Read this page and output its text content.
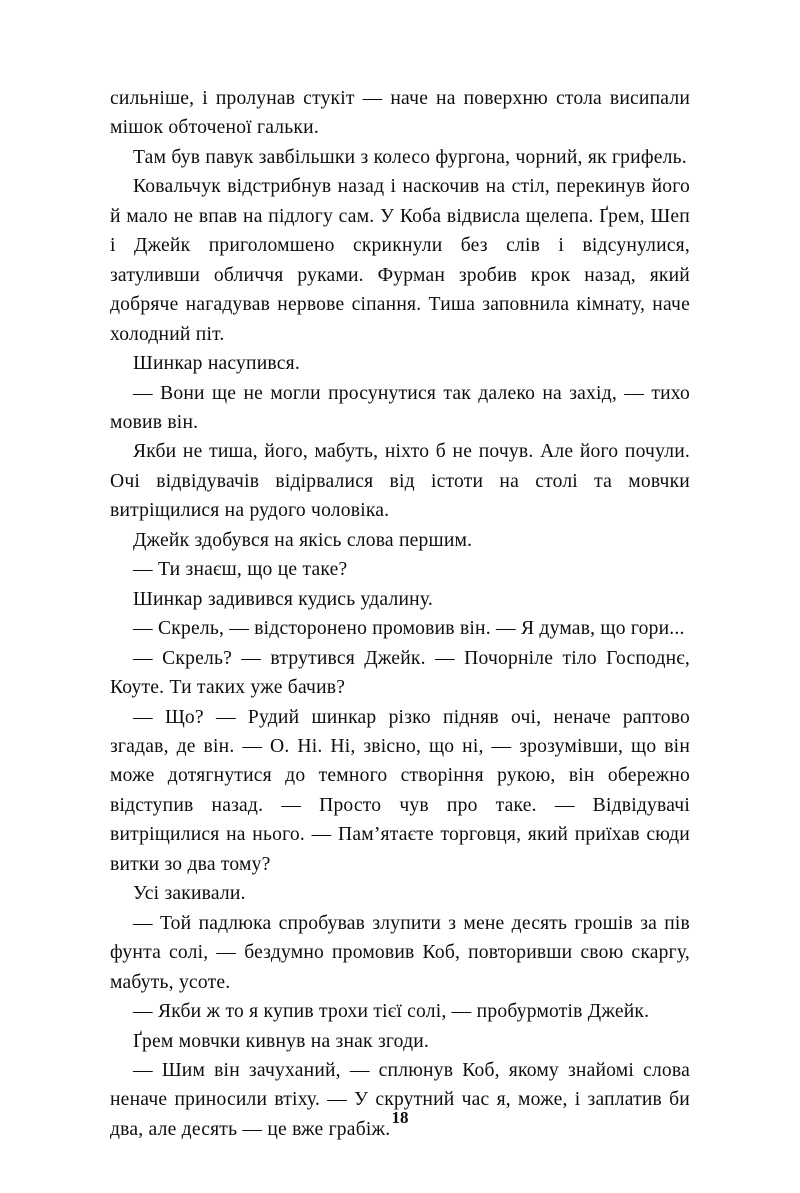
сильніше, і пролунав стукіт — наче на поверхню стола висипали мішок обточеної гальки.

Там був павук завбільшки з колесо фургона, чорний, як грифель.

Ковальчук відстрибнув назад і наскочив на стіл, перекинув його й мало не впав на підлогу сам. У Коба відвисла щелепа. Ґрем, Шеп і Джейк приголомшено скрикнули без слів і відсунулися, затуливши обличчя руками. Фурман зробив крок назад, який добряче нагадував нервове сіпання. Тиша заповнила кімнату, наче холодний піт.

Шинкар насупився.

— Вони ще не могли просунутися так далеко на захід, — тихо мовив він.

Якби не тиша, його, мабуть, ніхто б не почув. Але його почули. Очі відвідувачів відірвалися від істоти на столі та мовчки витріщилися на рудого чоловіка.

Джейк здобувся на якісь слова першим.

— Ти знаєш, що це таке?

Шинкар задивився кудись удалину.

— Скрель, — відсторонено промовив він. — Я думав, що гори...

— Скрель? — втрутився Джейк. — Почорніле тіло Господнє, Коуте. Ти таких уже бачив?

— Що? — Рудий шинкар різко підняв очі, неначе раптово згадав, де він. — О. Ні. Ні, звісно, що ні, — зрозумівши, що він може дотягнутися до темного створіння рукою, він обережно відступив назад. — Просто чув про таке. — Відвідувачі витріщилися на нього. — Пам’ятаєте торговця, який приїхав сюди витки зо два тому?

Усі закивали.

— Той падлюка спробував злупити з мене десять грошів за пів фунта солі, — бездумно промовив Коб, повторивши свою скаргу, мабуть, усоте.

— Якби ж то я купив трохи тієї солі, — пробурмотів Джейк.

Ґрем мовчки кивнув на знак згоди.

— Шим він зачуханий, — сплюнув Коб, якому знайомі слова неначе приносили втіху. — У скрутний час я, може, і заплатив би два, але десять — це вже грабіж.

18
